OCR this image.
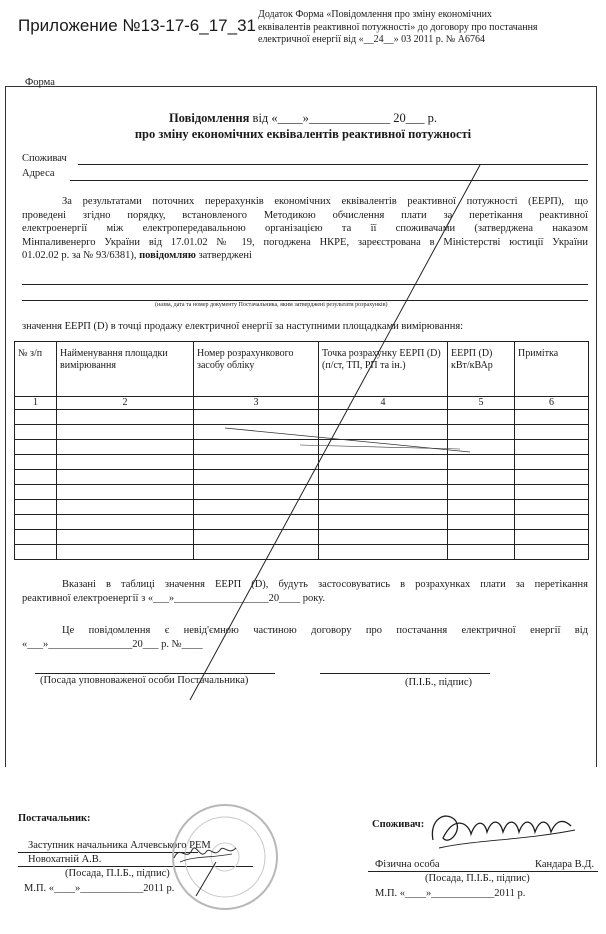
Приложение №13-17-6_17_31
Додаток Форма «Повідомлення про зміну економічних
еквівалентів реактивної потужності» до договору про постачання
електричної енергії від «__24__» 03 2011 р. № А6764
Форма
Повідомлення від «____»_____________ 20___ р.
про зміну економічних еквівалентів реактивної потужності
Споживач
Адреса
За результатами поточних перерахунків економічних еквівалентів реактивної потужності (ЕЕРП), що
проведені згідно порядку, встановленого Методикою обчислення плати за перетікання реактивної
електроенергії між електропередавальною організацією та її споживачами (затверджена наказом
Мінпаливенерго України від 17.01.02 № 19, погоджена НКРЕ, зареєстрована в Міністерстві юстиції України
01.02.02 р. за № 93/6381), повідомляю затверджені
(назва, дата та номер документу Постачальника, яким затверджені результати розрахунків)
значення ЕЕРП (D) в точці продажу електричної енергії за наступними площадками вимірювання:
№ з/п	Найменування площадки вимірювання	Номер розрахункового засобу обліку	Точка розрахунку ЕЕРП (D) (п/ст, ТП, РП та ін.)	ЕЕРП (D) кВт/кВАр	Примітка
1	2	3	4	5	6

Вказані в таблиці значення ЕЕРП (D), будуть застосовуватись в розрахунках плати за перетікання
реактивної електроенергії з «___»__________________20____ року.
Це повідомлення є невід'ємною частиною договору про постачання електричної енергії від
«___»________________20___ р. №____
(Посада уповноваженої особи Постачальника)	(П.І.Б., підпис)
Постачальник:
Заступник начальника Алчевського РЕМ
Новохатній А.В.
(Посада, П.І.Б., підпис)
М.П. «____»____________2011 р.
Споживач:
Фізична особа	Кандара В.Д.
(Посада, П.І.Б., підпис)
М.П. «____»____________2011 р.
